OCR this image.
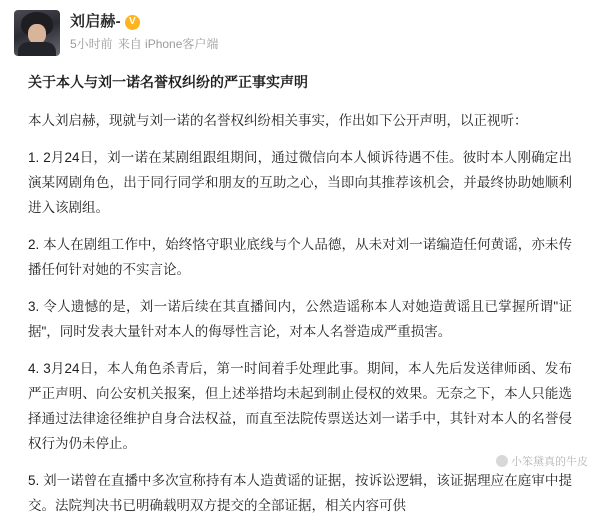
刘启赫-
V
5小时前 来自 iPhone客户端
关于本人与刘一诺名誉权纠纷的严正事实声明

本人刘启赫，现就与刘一诺的名誉权纠纷相关事实，作出如下公开声明，以正视听：

1. 2月24日，刘一诺在某剧组跟组期间，通过微信向本人倾诉待遇不佳。彼时本人刚确定出演某网剧角色，出于同行同学和朋友的互助之心，当即向其推荐该机会，并最终协助她顺利进入该剧组。

2. 本人在剧组工作中，始终恪守职业底线与个人品德，从未对刘一诺编造任何黄谣，亦未传播任何针对她的不实言论。

3. 令人遗憾的是，刘一诺后续在其直播间内，公然造谣称本人对她造黄谣且已掌握所谓"证据"，同时发表大量针对本人的侮辱性言论，对本人名誉造成严重损害。

4. 3月24日，本人角色杀青后，第一时间着手处理此事。期间，本人先后发送律师函、发布严正声明、向公安机关报案，但上述举措均未起到制止侵权的效果。无奈之下，本人只能选择通过法律途径维护自身合法权益，而直至法院传票送达刘一诺手中，其针对本人的名誉侵权行为仍未停止。

5. 刘一诺曾在直播中多次宣称持有本人造黄谣的证据，按诉讼逻辑，该证据理应在庭审中提交。法院判决书已明确载明双方提交的全部证据，相关内容可供

小笨黛真的牛皮
